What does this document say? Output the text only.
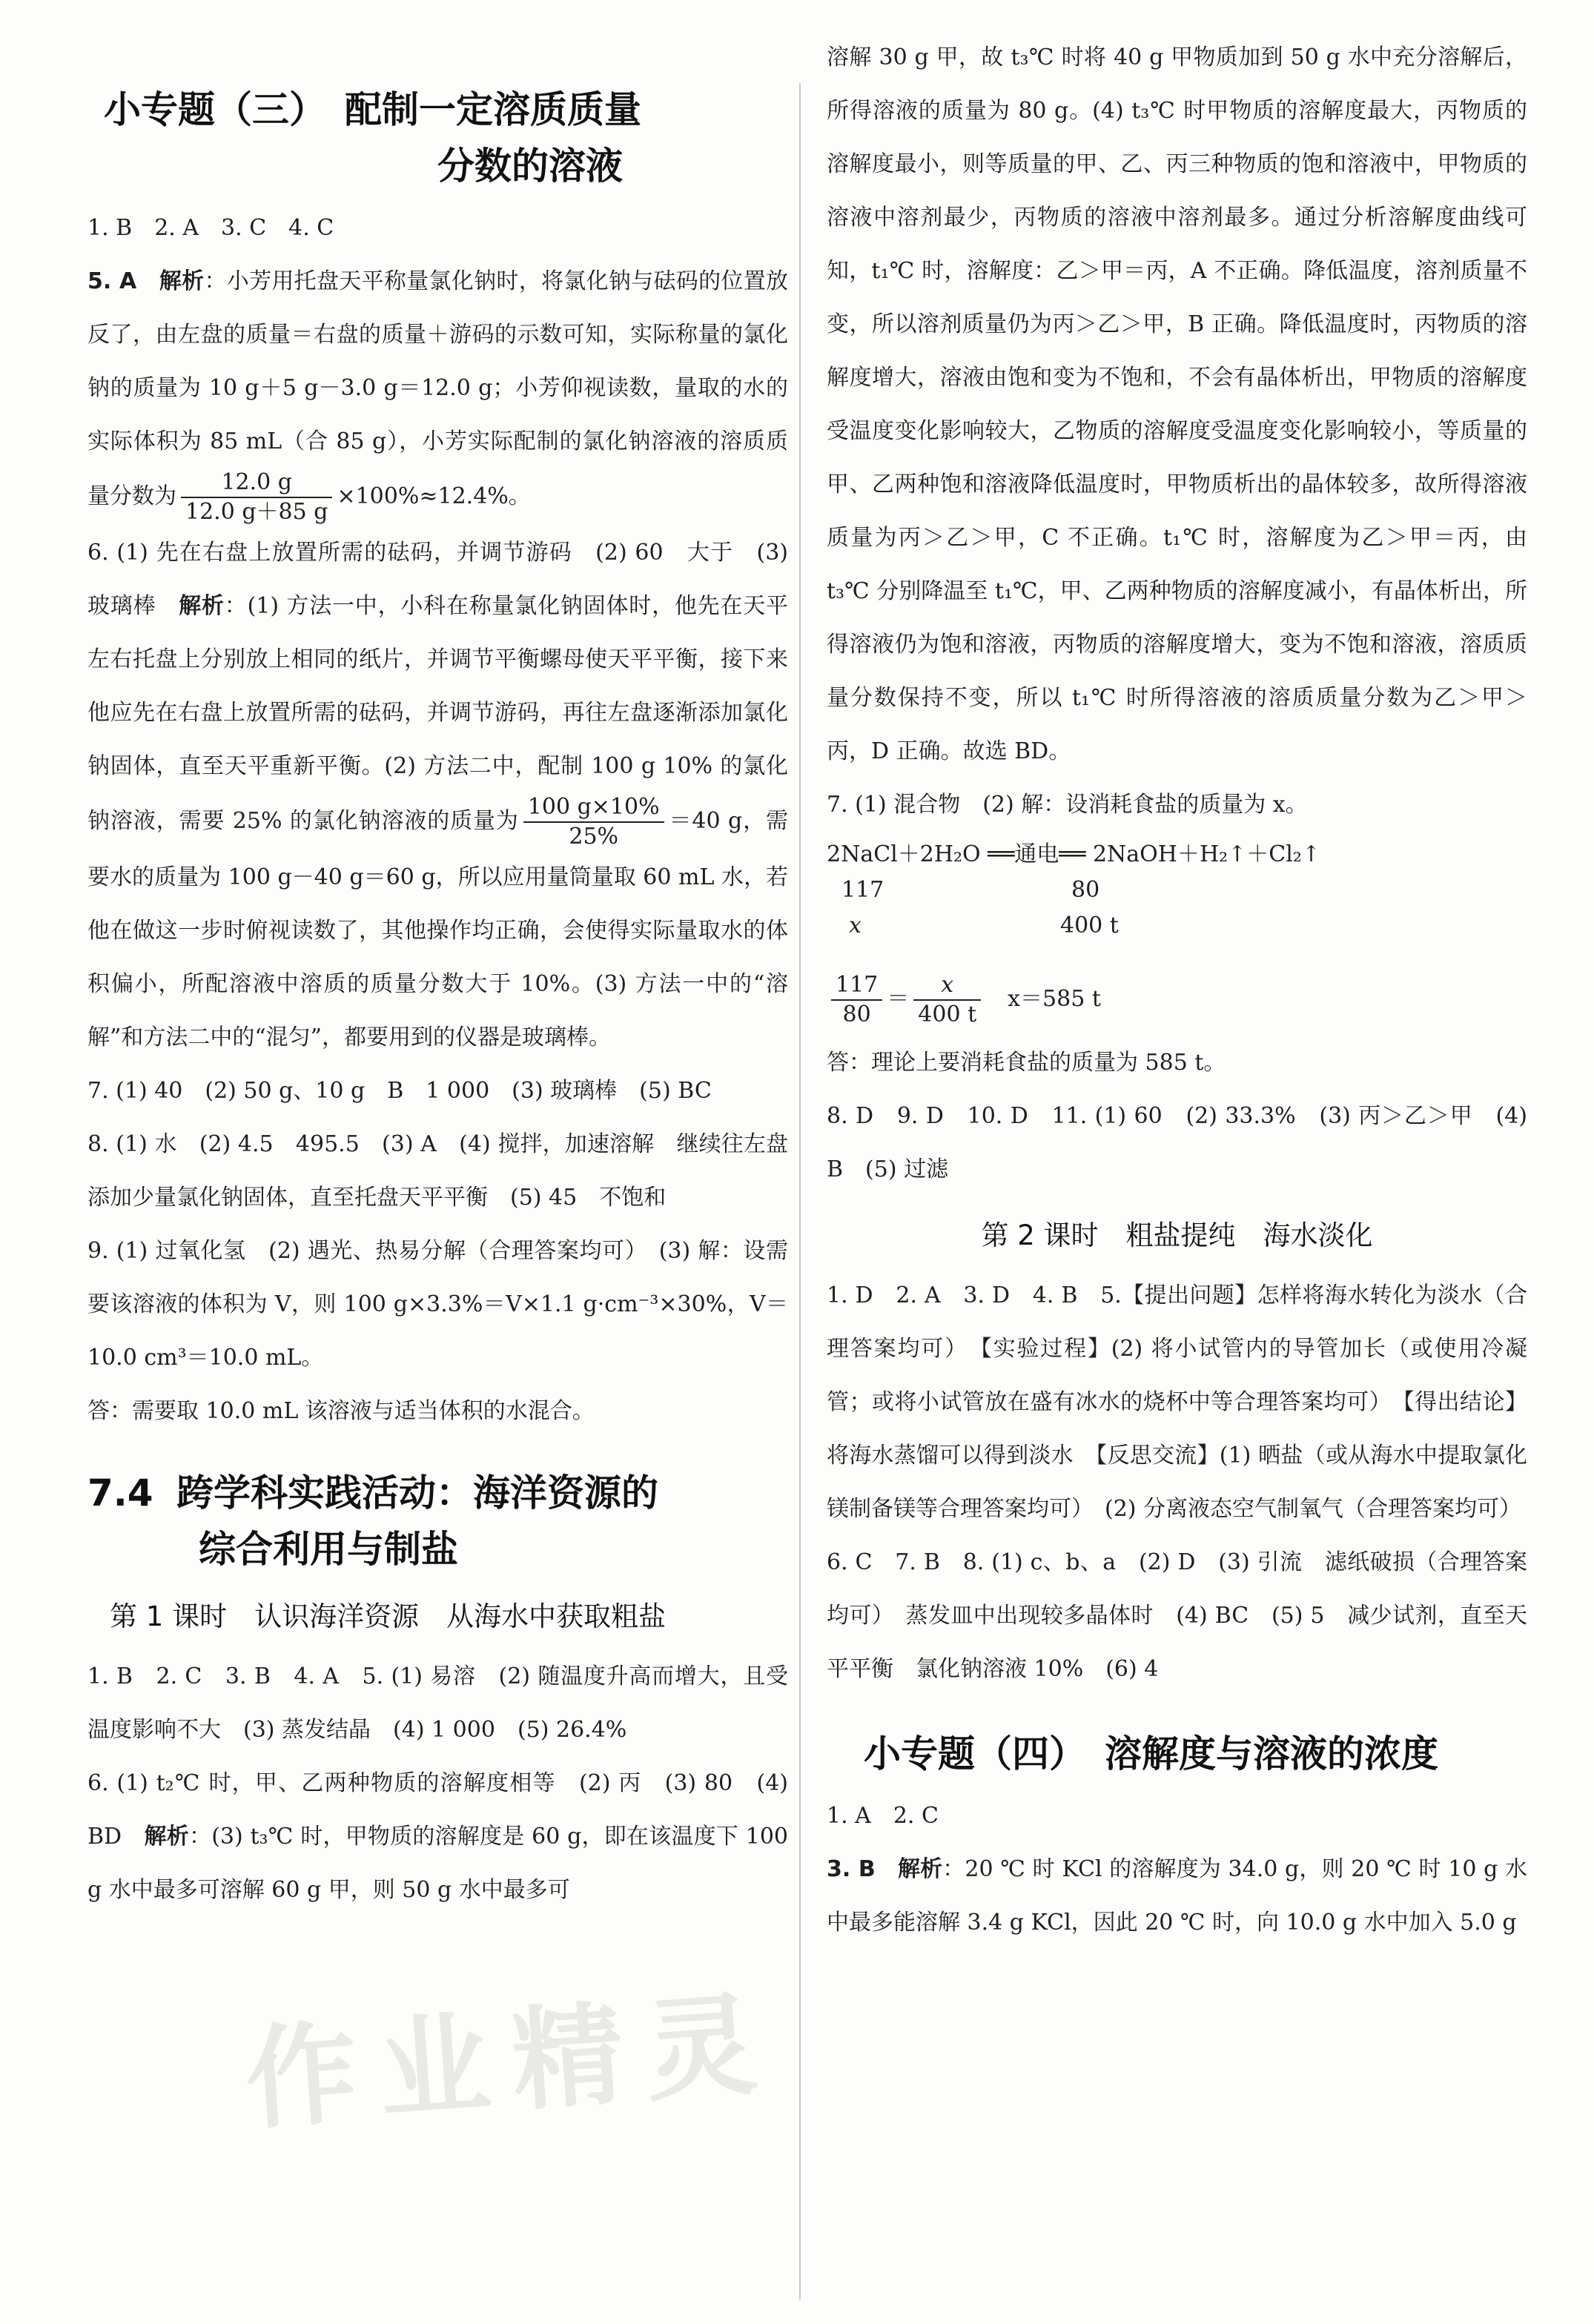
小专题（三）　配制一定溶质质量
分数的溶液

1. B　2. A　3. C　4. C

5. A　 解析：小芳用托盘天平称量氯化钠时，将氯化钠与砝码的位置放反了，由左盘的质量＝右盘的质量＋游码的示数可知，实际称量的氯化钠的质量为 10 g＋5 g－3.0 g＝12.0 g；小芳仰视读数，量取的水的实际体积为 85 mL（合 85 g），小芳实际配制的氯化钠溶液的溶质质量分数为 $\frac{12.0 g}{12.0 g+85 g} \times 100\%\approx 12.4\%$。

6. (1) 先在右盘上放置所需的砝码，并调节游码　(2) 60　大于　(3) 玻璃棒　 解析：(1) 方法一中，小科在称量氯化钠固体时，他先在天平左右托盘上分别放上相同的纸片，并调节平衡螺母使天平平衡，接下来他应先在右盘上放置所需的砝码，并调节游码，再往左盘逐渐添加氯化钠固体，直至天平重新平衡。(2) 方法二中，配制 100 g 10% 的氯化钠溶液，需要 25% 的氯化钠溶液的质量为 $\frac{100 g\times 10\%}{25\%} =40$ g，需要水的质量为 100 g－40 g＝60 g，所以应用量筒量取 60 mL 水，若他在做这一步时俯视读数了，其他操作均正确，会使得实际量取水的体积偏小，所配溶液中溶质的质量分数大于 10%。(3) 方法一中的“溶解”和方法二中的“混匀”，都要用到的仪器是玻璃棒。

7. (1) 40　(2) 50 g、10 g　B　1 000　(3) 玻璃棒　(5) BC

8. (1) 水　(2) 4.5　495.5　(3) A　(4) 搅拌，加速溶解　继续往左盘添加少量氯化钠固体，直至托盘天平平衡　(5) 45　不饱和

9. (1) 过氧化氢　(2) 遇光、热易分解（合理答案均可）　(3) 解：设需要该溶液的体积为 V，则 100 g×3.3%＝V×1.1 g·cm⁻³×30%，V＝10.0 cm³＝10.0 mL。

答：需要取 10.0 mL 该溶液与适当体积的水混合。

7.4 跨学科实践活动：海洋资源的
综合利用与制盐
第 1 课时　认识海洋资源　从海水中获取粗盐

1. B　2. C　3. B　4. A　5. (1) 易溶　(2) 随温度升高而增大，且受温度影响不大　(3) 蒸发结晶　(4) 1 000　(5) 26.4%

6. (1) t₂℃ 时，甲、乙两种物质的溶解度相等　(2) 丙　(3) 80　(4) BD　 解析：(3) t₃℃ 时，甲物质的溶解度是 60 g，即在该温度下 100 g 水中最多可溶解 60 g 甲，则 50 g 水中最多可

溶解 30 g 甲，故 t₃℃ 时将 40 g 甲物质加到 50 g 水中充分溶解后，所得溶液的质量为 80 g。(4) t₃℃ 时甲物质的溶解度最大，丙物质的溶解度最小，则等质量的甲、乙、丙三种物质的饱和溶液中，甲物质的溶液中溶剂最少，丙物质的溶液中溶剂最多。通过分析溶解度曲线可知，t₁℃ 时，溶解度：乙＞甲＝丙，A 不正确。降低温度，溶剂质量不变，所以溶剂质量仍为丙＞乙＞甲，B 正确。降低温度时，丙物质的溶解度增大，溶液由饱和变为不饱和，不会有晶体析出，甲物质的溶解度受温度变化影响较大，乙物质的溶解度受温度变化影响较小，等质量的甲、乙两种饱和溶液降低温度时，甲物质析出的晶体较多，故所得溶液质量为丙＞乙＞甲，C 不正确。t₁℃ 时，溶解度为乙＞甲＝丙，由 t₃℃ 分别降温至 t₁℃，甲、乙两种物质的溶解度减小，有晶体析出，所得溶液仍为饱和溶液，丙物质的溶解度增大，变为不饱和溶液，溶质质量分数保持不变，所以 t₁℃ 时所得溶液的溶质质量分数为乙＞甲＞丙，D 正确。故选 BD。

7. (1) 混合物　(2) 解：设消耗食盐的质量为 x。

2NaCl＋2H₂O ══通电══ 2NaOH＋H₂↑＋Cl₂↑
117	80
x	400 t
$\frac{117}{80} = \frac{x}{400 t}$
　 x＝585 t

答：理论上要消耗食盐的质量为 585 t。

8. D　9. D　10. D　11. (1) 60　(2) 33.3%　(3) 丙＞乙＞甲　(4) B　(5) 过滤

第 2 课时　粗盐提纯　海水淡化

1. D　2. A　3. D　4. B　5.【提出问题】怎样将海水转化为淡水（合理答案均可）　【实验过程】(2) 将小试管内的导管加长（或使用冷凝管；或将小试管放在盛有冰水的烧杯中等合理答案均可）　【得出结论】将海水蒸馏可以得到淡水　【反思交流】(1) 晒盐（或从海水中提取氯化镁制备镁等合理答案均可）　(2) 分离液态空气制氧气（合理答案均可）

6. C　7. B　8. (1) c、b、a　(2) D　(3) 引流　滤纸破损（合理答案均可）　蒸发皿中出现较多晶体时　(4) BC　(5) 5　减少试剂，直至天平平衡　氯化钠溶液 10%　(6) 4

小专题（四）　溶解度与溶液的浓度

1. A　2. C

3. B　 解析：20 ℃ 时 KCl 的溶解度为 34.0 g，则 20 ℃ 时 10 g 水中最多能溶解 3.4 g KCl，因此 20 ℃ 时，向 10.0 g 水中加入 5.0 g

作业精灵
